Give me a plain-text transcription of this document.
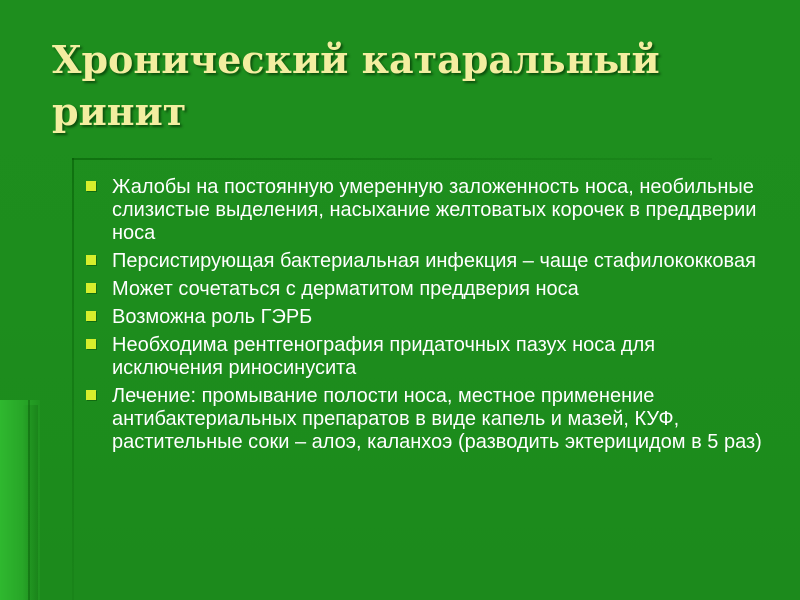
Хронический катаральный ринит
Жалобы на постоянную умеренную заложенность носа, необильные слизистые выделения, насыхание желтоватых корочек в преддверии носа
Персистирующая бактериальная инфекция – чаще стафилококковая
Может сочетаться с дерматитом преддверия носа
Возможна роль ГЭРБ
Необходима рентгенография придаточных пазух носа для исключения риносинусита
Лечение: промывание полости носа, местное применение антибактериальных препаратов в виде капель и мазей, КУФ, растительные соки – алоэ, каланхоэ (разводить эктерицидом в 5 раз)
